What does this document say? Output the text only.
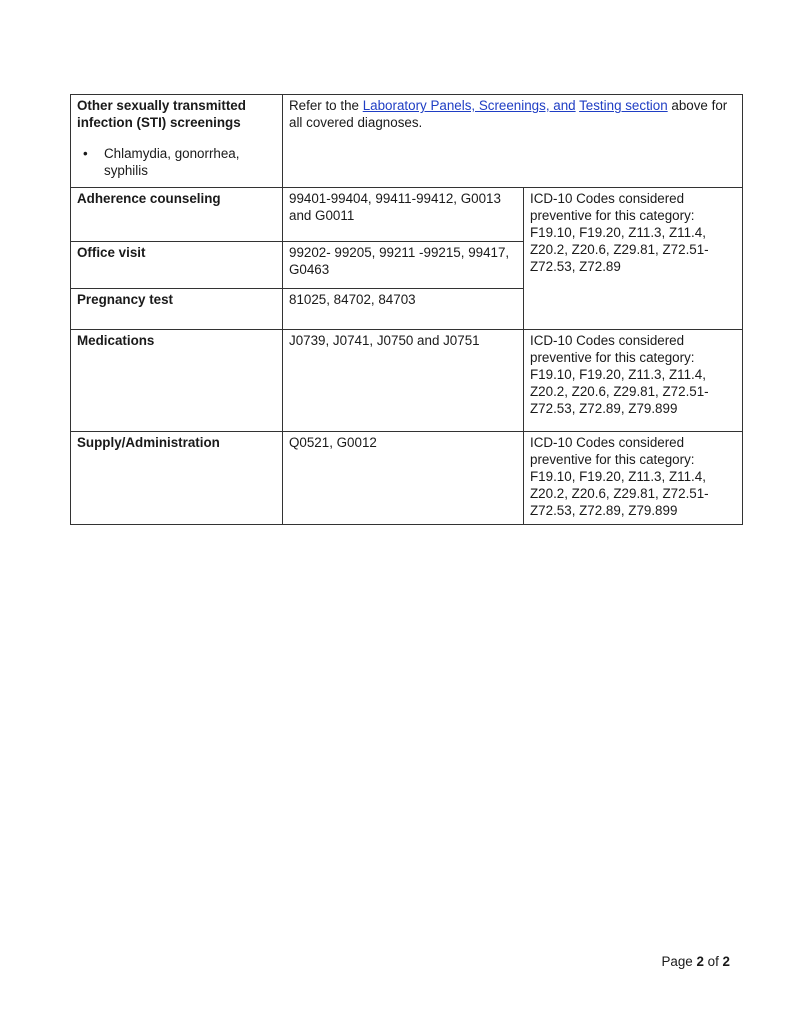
Other sexually transmitted infection (STI) screenings
• Chlamydia, gonorrhea, syphilis	Refer to the Laboratory Panels, Screenings, and Testing section above for all covered diagnoses.	

Adherence counseling	99401-99404, 99411-99412, G0013 and G0011	ICD-10 Codes considered preventive for this category: F19.10, F19.20, Z11.3, Z11.4, Z20.2, Z20.6, Z29.81, Z72.51- Z72.53, Z72.89

Office visit	99202- 99205, 99211 -99215, 99417, G0463	

Pregnancy test	81025, 84702, 84703	

Medications	J0739, J0741, J0750 and J0751	ICD-10 Codes considered preventive for this category: F19.10, F19.20, Z11.3, Z11.4, Z20.2, Z20.6, Z29.81, Z72.51- Z72.53, Z72.89, Z79.899

Supply/Administration	Q0521, G0012	ICD-10 Codes considered preventive for this category: F19.10, F19.20, Z11.3, Z11.4, Z20.2, Z20.6, Z29.81, Z72.51-Z72.53, Z72.89, Z79.899
Page 2 of 2
